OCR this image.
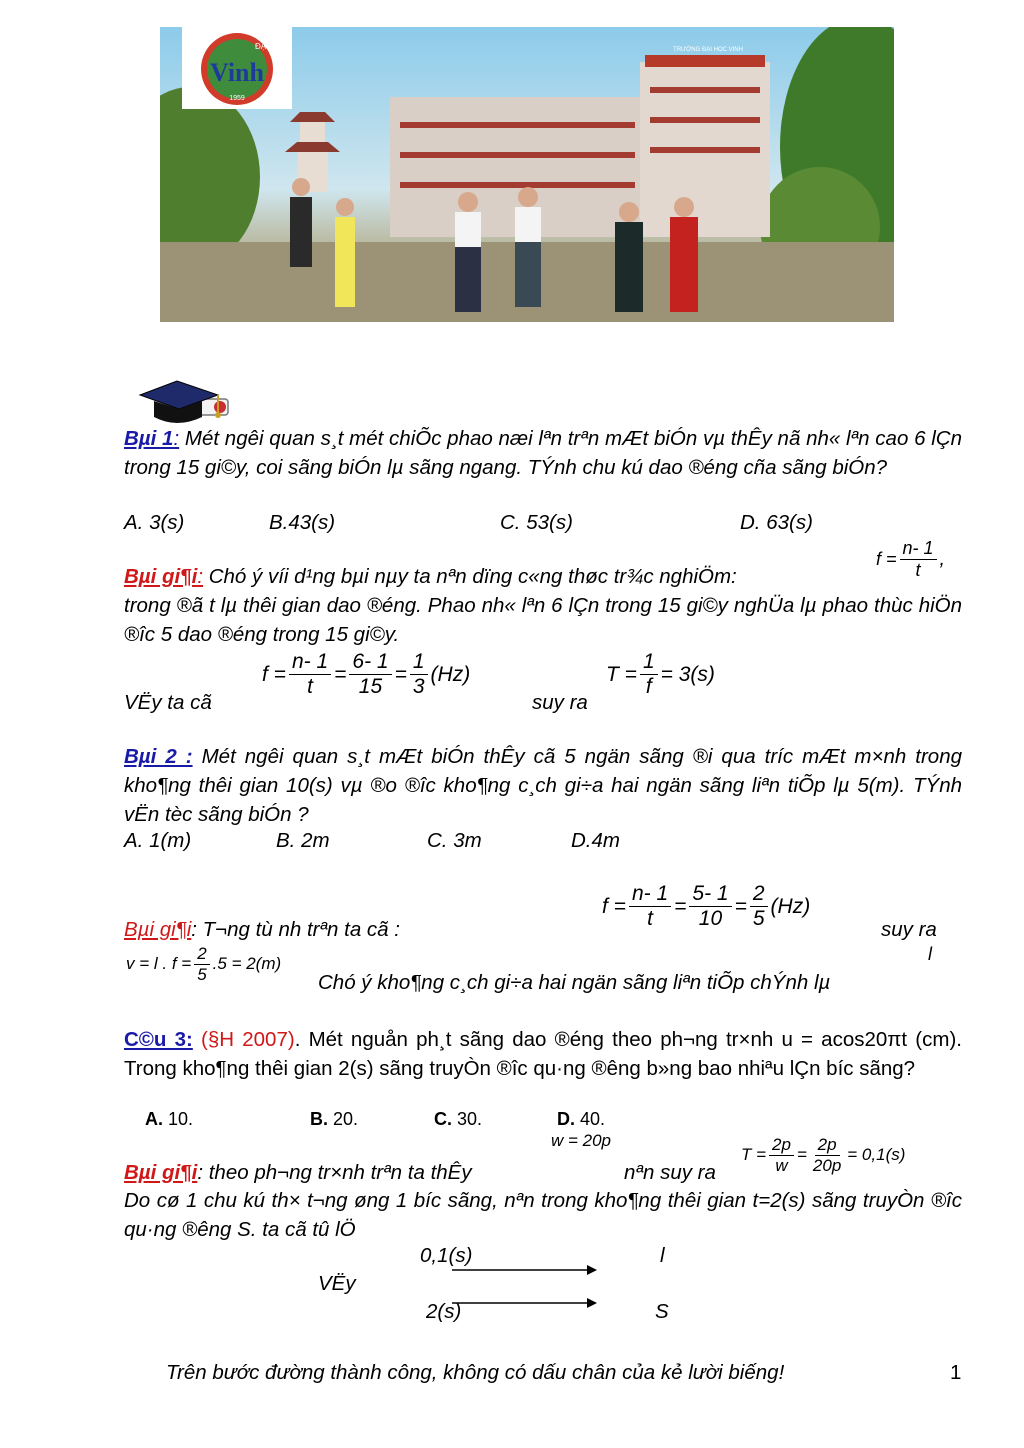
Vinh
ĐẠI HỌC
1959
TRƯỜNG ĐẠI HỌC VINH
Bµi 1: Mét ngêi quan s¸t mét chiÕc phao næi lªn trªn mÆt biÓn vµ thÊy nã nh« lªn cao 6 lÇn trong 15 gi©y, coi sãng biÓn lµ sãng ngang. TÝnh chu kú dao ®éng cña sãng biÓn?
A. 3(s)	B.43(s)	C. 53(s)	D. 63(s)
Bµi gi¶i: Chó ý víi d¹ng bµi nµy ta nªn dïng c«ng thøc tr¾c nghiÖm:
$f = \frac{n- 1}{t}$ ,
trong ®ã t lµ thêi gian dao ®éng. Phao nh« lªn 6 lÇn trong 15 gi©y nghÜa lµ phao thùc hiÖn ®îc 5 dao ®éng trong 15 gi©y.
VËy ta cã
$f = \frac{n- 1}{t} = \frac{6- 1}{15} = \frac{1}{3} (Hz)$
suy ra
$T = \frac{1}{f} = 3(s)$
Bµi 2 : Mét ngêi quan s¸t mÆt biÓn thÊy cã 5 ngän sãng ®i qua tríc mÆt m×nh trong kho¶ng thêi gian 10(s) vµ ®o ®îc kho¶ng c¸ch gi÷a hai ngän sãng liªn tiÕp lµ 5(m). TÝnh vËn tèc sãng biÓn ?
A. 1(m)	B. 2m	C. 3m	D.4m
Bµi gi¶i: T¬ng tù nh trªn ta cã :
$f = \frac{n- 1}{t} = \frac{5- 1}{10} = \frac{2}{5} (Hz)$
suy ra
l
v = l . $f = \frac{2}{5} .5 = 2(m)$
Chó ý kho¶ng c¸ch gi÷a hai ngän sãng liªn tiÕp chÝnh lµ
C©u 3: (§H 2007). Mét nguån ph¸t sãng dao ®éng theo ph¬ng tr×nh u = acos20πt (cm). Trong kho¶ng thêi gian 2(s) sãng truyÒn ®îc qu·ng ®êng b»ng bao nhiªu lÇn bíc sãng?
A. 10.	B. 20.	C. 30.	D. 40.
w = 20p
Bµi gi¶i: theo ph¬ng tr×nh trªn ta thÊy	nªn suy ra
$T = \frac{2p}{w} = \frac{2p}{20p} = 0,1(s)$
Do cø 1 chu kú th× t¬ng øng 1 bíc sãng, nªn trong kho¶ng thêi gian t=2(s) sãng truyÒn ®îc qu·ng ®êng S. ta cã tû lÖ
0,1(s)	l
VËy
2(s)	S
Trên bước đường thành công, không có dấu chân của kẻ lười biếng!	1
